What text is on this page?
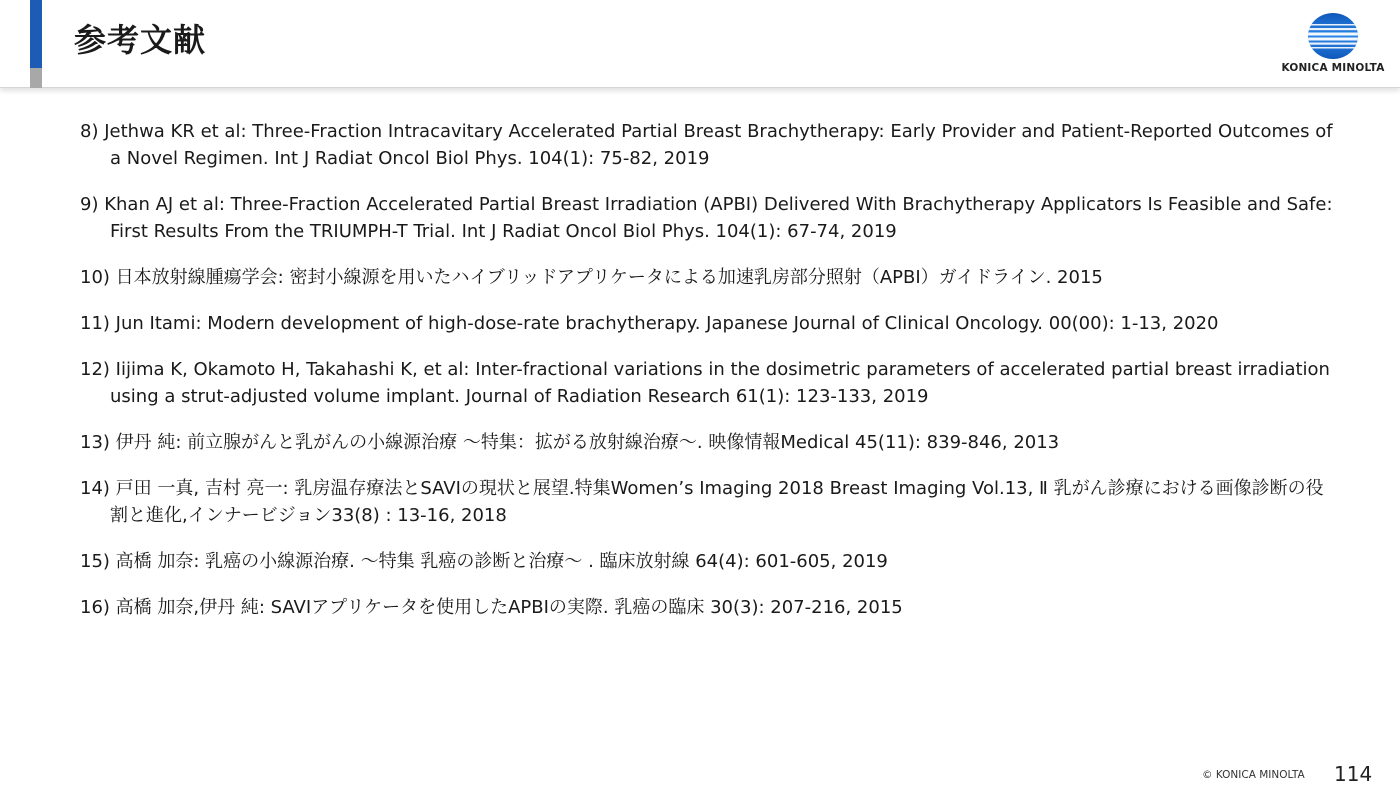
参考文献
KONICA MINOLTA

8) Jethwa KR et al: Three-Fraction Intracavitary Accelerated Partial Breast Brachytherapy: Early Provider and Patient-Reported Outcomes of a Novel Regimen. Int J Radiat Oncol Biol Phys. 104(1): 75-82, 2019

9) Khan AJ et al: Three-Fraction Accelerated Partial Breast Irradiation (APBI) Delivered With Brachytherapy Applicators Is Feasible and Safe: First Results From the TRIUMPH-T Trial. Int J Radiat Oncol Biol Phys. 104(1): 67-74, 2019

10) 日本放射線腫瘍学会: 密封小線源を用いたハイブリッドアプリケータによる加速乳房部分照射（APBI）ガイドライン. 2015

11) Jun Itami: Modern development of high-dose-rate brachytherapy. Japanese Journal of Clinical Oncology. 00(00): 1-13, 2020

12) Iijima K, Okamoto H, Takahashi K, et al: Inter-fractional variations in the dosimetric parameters of accelerated partial breast irradiation using a strut-adjusted volume implant. Journal of Radiation Research 61(1): 123-133, 2019

13) 伊丹 純: 前立腺がんと乳がんの小線源治療 ～特集：拡がる放射線治療～. 映像情報Medical 45(11): 839-846, 2013

14) 戸田 一真, 吉村 亮一: 乳房温存療法とSAVIの現状と展望.特集Women’s Imaging 2018 Breast Imaging Vol.13, Ⅱ 乳がん診療における画像診断の役割と進化,インナービジョン33(8) : 13-16, 2018

15) 高橋 加奈: 乳癌の小線源治療. ～特集 乳癌の診断と治療～ . 臨床放射線 64(4): 601-605, 2019

16) 高橋 加奈,伊丹 純: SAVIアプリケータを使用したAPBIの実際. 乳癌の臨床 30(3): 207-216, 2015

© KONICA MINOLTA 114
